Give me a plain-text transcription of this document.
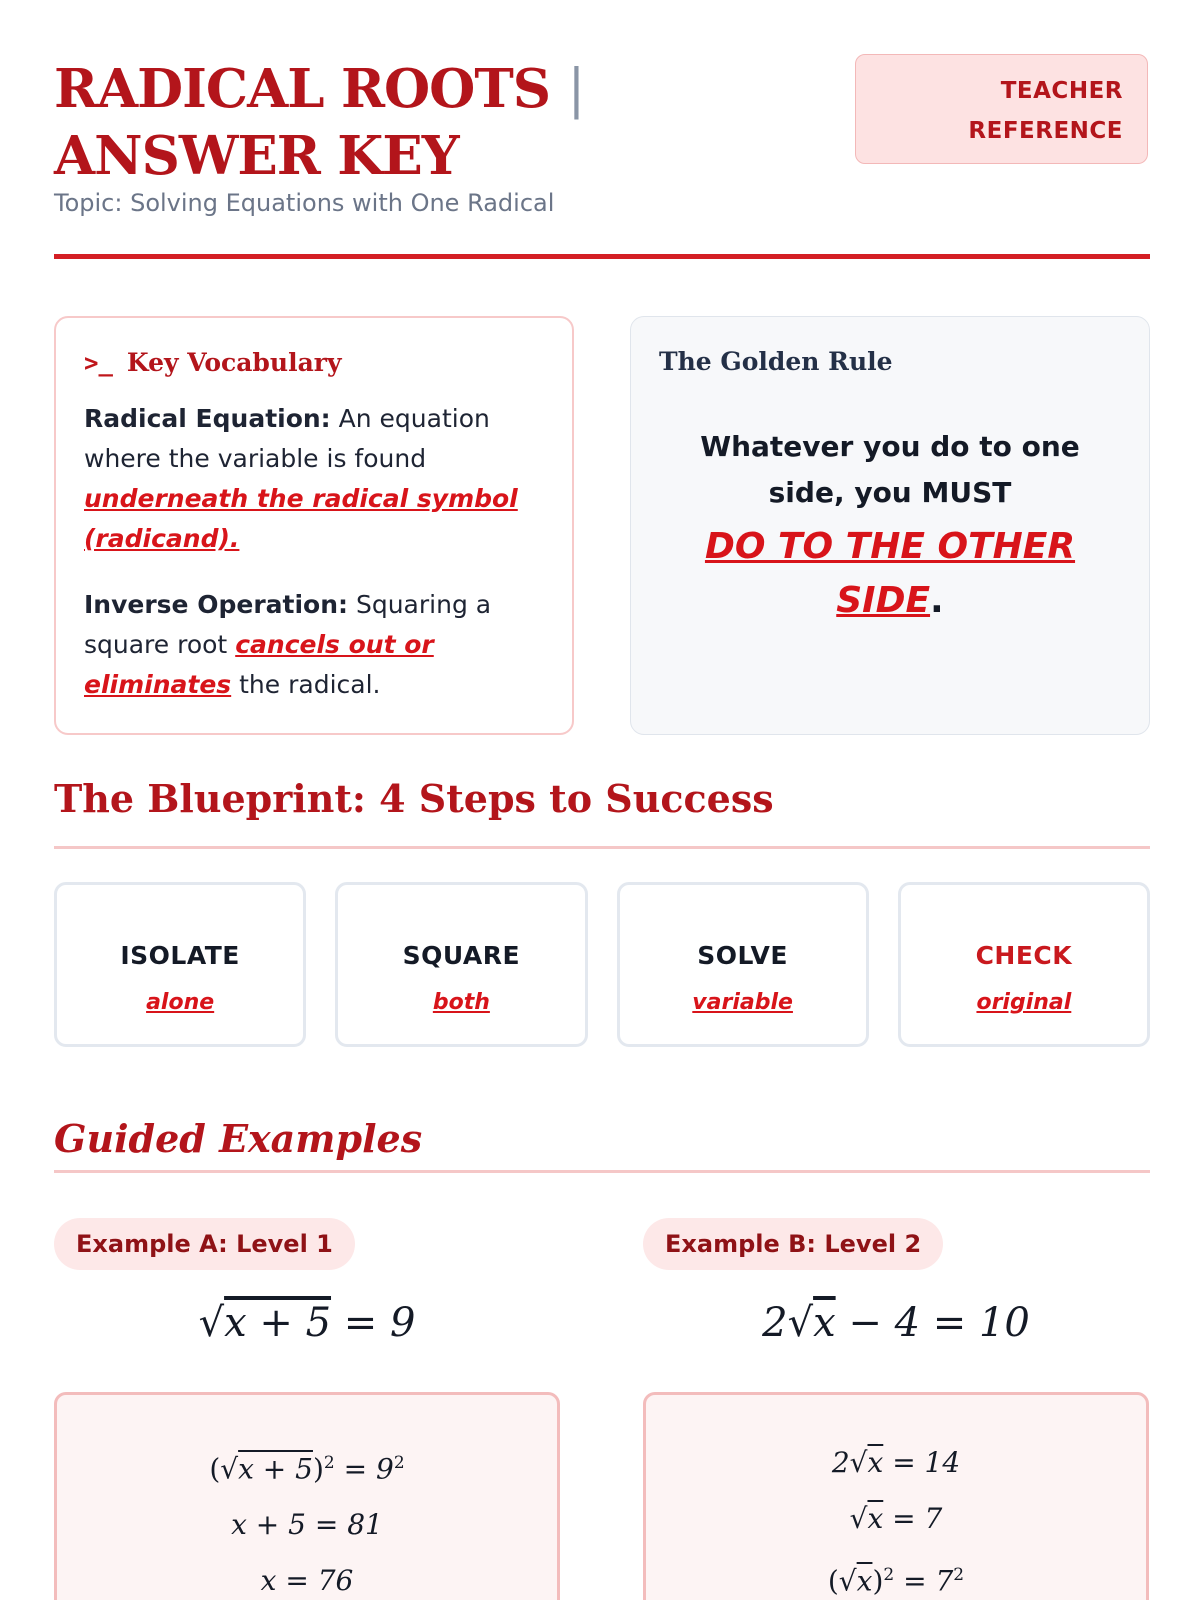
RADICAL ROOTS | ANSWER KEY
Topic: Solving Equations with One Radical
TEACHER
REFERENCE
>_ Key Vocabulary

Radical Equation: An equation where the variable is found underneath the radical symbol (radicand).

Inverse Operation: Squaring a square root cancels out or eliminates the radical.

The Golden Rule
Whatever you do to one side, you MUST
DO TO THE OTHER SIDE.
The Blueprint: 4 Steps to Success
ISOLATE
alone
SQUARE
both
SOLVE
variable
CHECK
original
Guided Examples
Example A: Level 1
√x + 5 = 9
$(√x + 5)^2 = 9^2$
x + 5 = 81
x = 76
Example B: Level 2
2√x − 4 = 10
2√x = 14
√x = 7
$(√x)^2 = 7^2$
